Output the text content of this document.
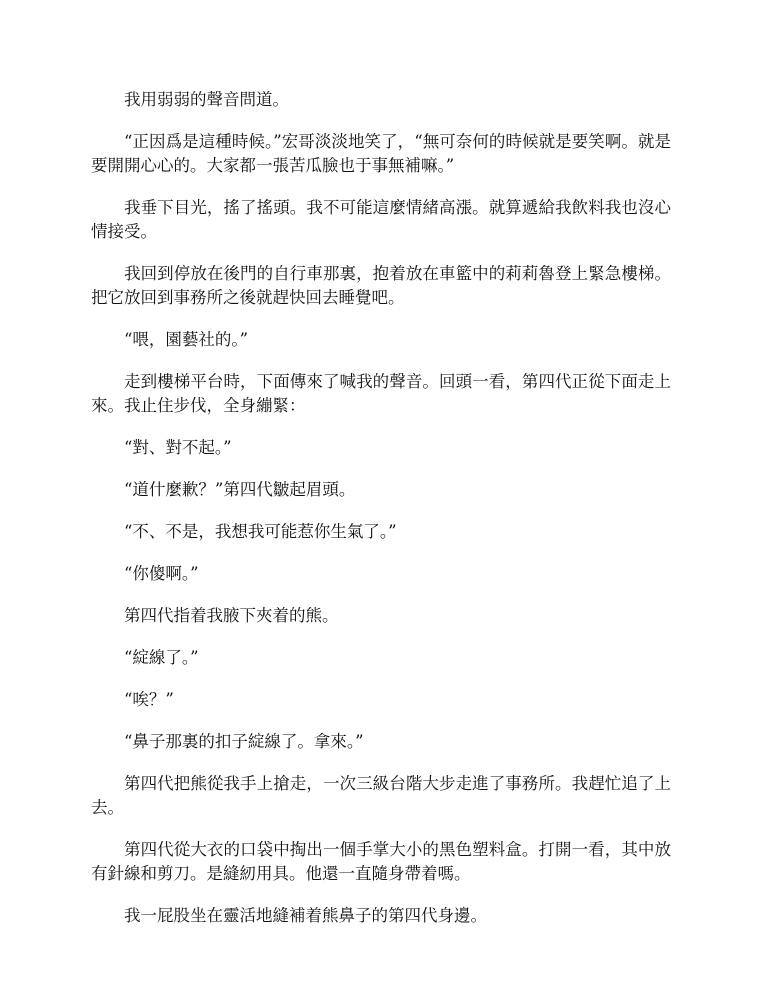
我用弱弱的聲音問道。

“正因爲是這種時候。”宏哥淡淡地笑了，“無可奈何的時候就是要笑啊。就是要開開心心的。大家都一張苦瓜臉也于事無補嘛。”

我垂下目光，搖了搖頭。我不可能這麼情緒高漲。就算遞給我飲料我也沒心情接受。

我回到停放在後門的自行車那裏，抱着放在車籃中的莉莉魯登上緊急樓梯。把它放回到事務所之後就趕快回去睡覺吧。

“喂，園藝社的。”

走到樓梯平台時，下面傳來了喊我的聲音。回頭一看，第四代正從下面走上來。我止住步伐，全身繃緊：

“對、對不起。”

“道什麼歉？”第四代皺起眉頭。

“不、不是，我想我可能惹你生氣了。”

“你傻啊。”

第四代指着我腋下夾着的熊。

“綻線了。”

“唉？”

“鼻子那裏的扣子綻線了。拿來。”

第四代把熊從我手上搶走，一次三級台階大步走進了事務所。我趕忙追了上去。

第四代從大衣的口袋中掏出一個手掌大小的黑色塑料盒。打開一看，其中放有針線和剪刀。是縫紉用具。他還一直隨身帶着嗎。

我一屁股坐在靈活地縫補着熊鼻子的第四代身邊。
